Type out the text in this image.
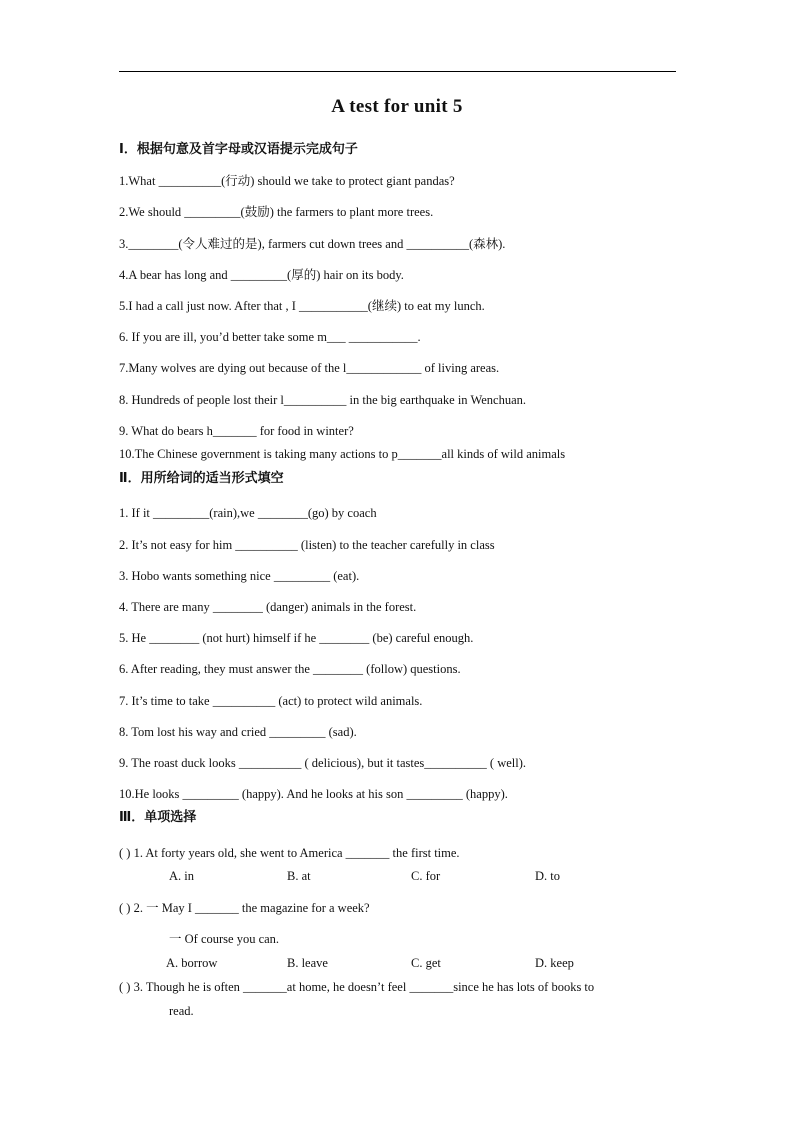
A test for unit 5
Ⅰ．根据句意及首字母或汉语提示完成句子
1.What __________(行动) should we take to protect giant pandas?
2.We should _________(鼓励) the farmers to plant more trees.
3.________(令人难过的是), farmers cut down trees and __________(森林).
4.A bear has long and _________(厚的) hair on its body.
5.I had a call just now. After that , I ___________(继续) to eat my lunch.
6. If you are ill, you’d better take some m___ ___________.
7.Many wolves are dying out because of the l____________ of living areas.
8. Hundreds of people lost their l__________ in the big earthquake in Wenchuan.
9. What do bears h_______ for food in winter?
10.The Chinese government is taking many actions to p_______all kinds of wild animals
Ⅱ．用所给词的适当形式填空
1. If it _________(rain),we ________(go) by coach
2. It’s not easy for him __________ (listen) to the teacher carefully in class
3. Hobo wants something nice _________ (eat).
4. There are many ________ (danger) animals in the forest.
5. He ________ (not hurt) himself if he ________ (be) careful enough.
6. After reading, they must answer the ________ (follow) questions.
7. It’s time to take __________ (act) to protect wild animals.
8. Tom lost his way and cried _________ (sad).
9. The roast duck looks __________ ( delicious), but it tastes__________ ( well).
10.He looks _________ (happy). And he looks at his son _________ (happy).
Ⅲ．单项选择
( ) 1. At forty years old, she went to America _______ the first time.
A. in	B. at	C. for	D. to
( ) 2. 一 May I _______ the magazine for a week?
一 Of course you can.
A. borrow	B. leave	C. get	D. keep
( ) 3. Though he is often _______at home, he doesn’t feel _______since he has lots of books to
read.
